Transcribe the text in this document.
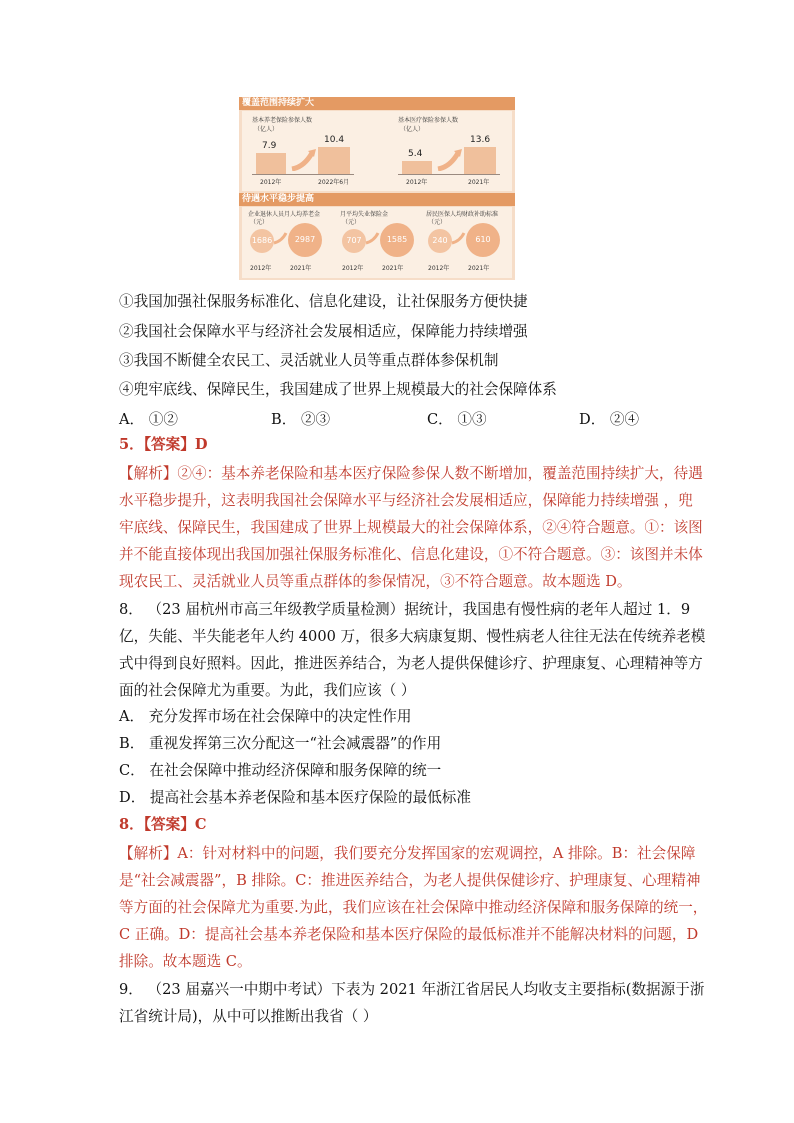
覆盖范围持续扩大
基本养老保险参保人数
（亿人）
7.9
10.4
2012年	2022年6月
基本医疗保险参保人数
（亿人）
5.4
13.6
2012年	2021年
待遇水平稳步提高
企业退休人员月人均养老金
（元）
1686	2987
2012年	2021年
月平均失业保险金
（元）
707	1585
2012年	2021年
居民医保人均财政补助标准
（元）
240	610
2012年	2021年
①我国加强社保服务标准化、信息化建设，让社保服务方便快捷
②我国社会保障水平与经济社会发展相适应，保障能力持续增强
③我国不断健全农民工、灵活就业人员等重点群体参保机制
④兜牢底线、保障民生，我国建成了世界上规模最大的社会保障体系
A． ①②	B． ②③	C． ①③	D． ②④
5．【答案】D
【解析】②④：基本养老保险和基本医疗保险参保人数不断增加，覆盖范围持续扩大，待遇
水平稳步提升，这表明我国社会保障水平与经济社会发展相适应，保障能力持续增强 ，兜
牢底线、保障民生，我国建成了世界上规模最大的社会保障体系，②④符合题意。①：该图
并不能直接体现出我国加强社保服务标准化、信息化建设，①不符合题意。③：该图并未体
现农民工、灵活就业人员等重点群体的参保情况，③不符合题意。故本题选 D。
8． （23 届杭州市高三年级教学质量检测）据统计，我国患有慢性病的老年人超过 1．9
亿，失能、半失能老年人约 4000 万，很多大病康复期、慢性病老人往往无法在传统养老模
式中得到良好照料。因此，推进医养结合，为老人提供保健诊疗、护理康复、心理精神等方
面的社会保障尤为重要。为此，我们应该（ ）
A． 充分发挥市场在社会保障中的决定性作用
B． 重视发挥第三次分配这一“社会减震器”的作用
C． 在社会保障中推动经济保障和服务保障的统一
D． 提高社会基本养老保险和基本医疗保险的最低标准
8．【答案】C
【解析】A：针对材料中的问题，我们要充分发挥国家的宏观调控，A 排除。B：社会保障
是“社会减震器”，B 排除。C：推进医养结合，为老人提供保健诊疗、护理康复、心理精神
等方面的社会保障尤为重要.为此，我们应该在社会保障中推动经济保障和服务保障的统一，
C 正确。D：提高社会基本养老保险和基本医疗保险的最低标准并不能解决材料的问题，D
排除。故本题选 C。
9． （23 届嘉兴一中期中考试）下表为 2021 年浙江省居民人均收支主要指标(数据源于浙
江省统计局)，从中可以推断出我省（ ）
